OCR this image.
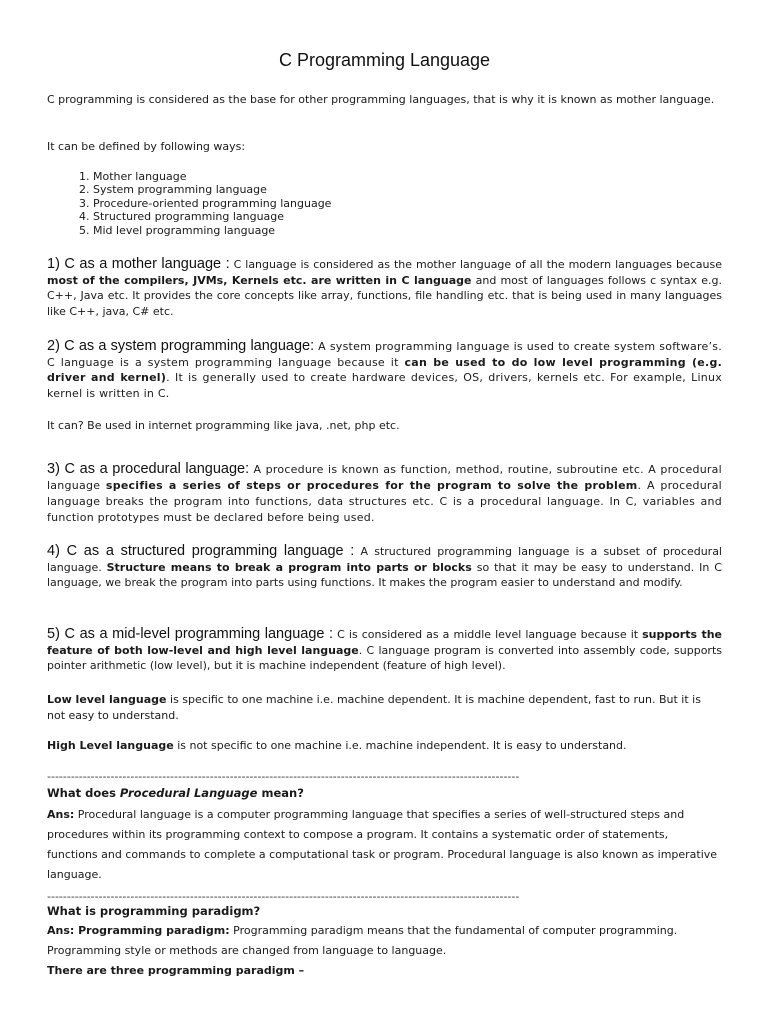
C Programming Language

C programming is considered as the base for other programming languages, that is why it is known as mother language.

It can be defined by following ways:

1. Mother language
2. System programming language
3. Procedure-oriented programming language
4. Structured programming language
5. Mid level programming language

1) C as a mother language : C language is considered as the mother language of all the modern languages because most of the compilers, JVMs, Kernels etc. are written in C language and most of languages follows c syntax e.g. C++, Java etc. It provides the core concepts like array, functions, file handling etc. that is being used in many languages like C++, java, C# etc.

2) C as a system programming language: A system programming language is used to create system software’s. C language is a system programming language because it can be used to do low level programming (e.g. driver and kernel). It is generally used to create hardware devices, OS, drivers, kernels etc. For example, Linux kernel is written in C.

It can? Be used in internet programming like java, .net, php etc.

3) C as a procedural language: A procedure is known as function, method, routine, subroutine etc. A procedural language specifies a series of steps or procedures for the program to solve the problem. A procedural language breaks the program into functions, data structures etc. C is a procedural language. In C, variables and function prototypes must be declared before being used.

4) C as a structured programming language : A structured programming language is a subset of procedural language. Structure means to break a program into parts or blocks so that it may be easy to understand. In C language, we break the program into parts using functions. It makes the program easier to understand and modify.

5) C as a mid-level programming language : C is considered as a middle level language because it supports the feature of both low-level and high level language. C language program is converted into assembly code, supports pointer arithmetic (low level), but it is machine independent (feature of high level).

Low level language is specific to one machine i.e. machine dependent. It is machine dependent, fast to run. But it is not easy to understand.

High Level language is not specific to one machine i.e. machine independent. It is easy to understand.

-----------------------------------------------------------------------------------------------------------------------

What does Procedural Language mean?

Ans: Procedural language is a computer programming language that specifies a series of well-structured steps and procedures within its programming context to compose a program. It contains a systematic order of statements, functions and commands to complete a computational task or program. Procedural language is also known as imperative language.

-----------------------------------------------------------------------------------------------------------------------

What is programming paradigm?

Ans: Programming paradigm: Programming paradigm means that the fundamental of computer programming. Programming style or methods are changed from language to language.

There are three programming paradigm –
